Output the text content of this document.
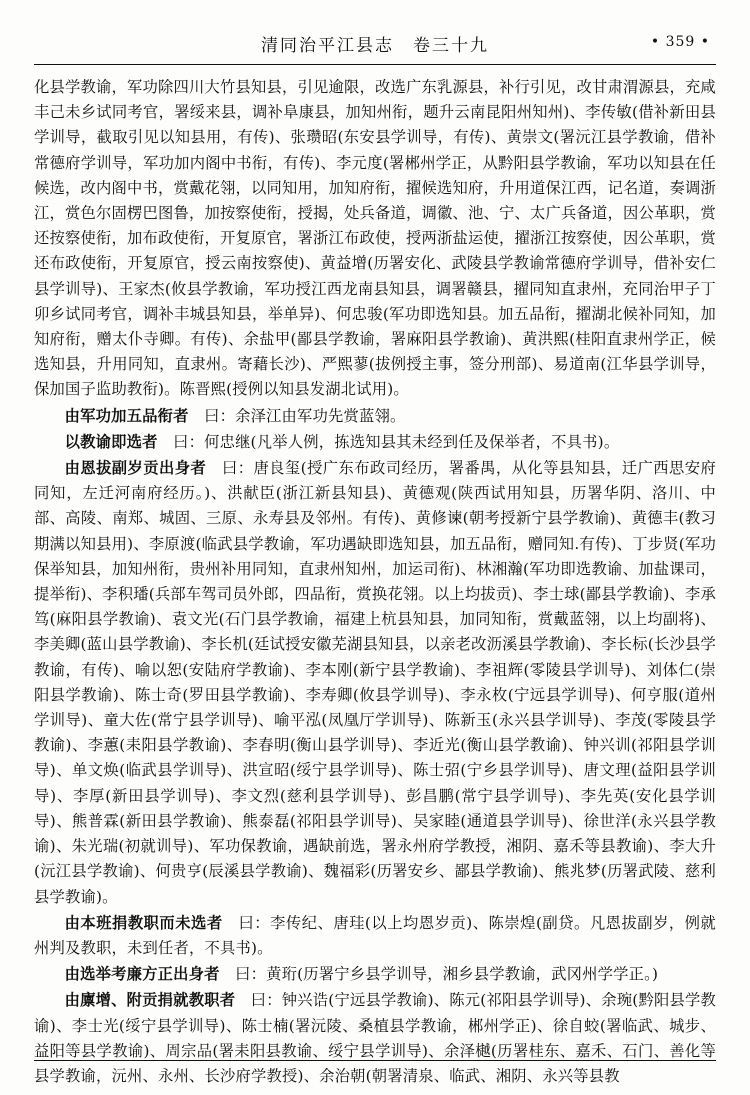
清同治平江县志　卷三十九	• 359 •

化县学教谕，军功除四川大竹县知县，引见逾限，改选广东乳源县，补行引见，改甘肃渭源县，充咸丰己未乡试同考官，署绥来县，调补阜康县，加知州衔，题升云南昆阳州知州)、李传敏(借补新田县学训导，截取引见以知县用，有传)、张瓒昭(东安县学训导，有传)、黄崇文(署沅江县学教谕，借补常德府学训导，军功加内阁中书衔，有传)、李元度(署郴州学正，从黔阳县学教谕，军功以知县在任候选，改内阁中书，赏戴花翎，以同知用，加知府衔，擢候选知府，升用道保江西，记名道，奏调浙江，赏色尔固楞巴图鲁，加按察使衔，授揭，处兵备道，调徽、池、宁、太广兵备道，因公革职，赏还按察使衔，加布政使衔，开复原官，署浙江布政使，授两浙盐运使，擢浙江按察使，因公革职，赏还布政使衔，开复原官，授云南按察使)、黄益增(历署安化、武陵县学教谕常德府学训导，借补安仁县学训导)、王家杰(攸县学教谕，军功授江西龙南县知县，调署赣县，擢同知直隶州，充同治甲子丁卯乡试同考官，调补丰城县知县，举单异)、何忠骏(军功即选知县。加五品衔，擢湖北候补同知，加知府衔，赠太仆寺卿。有传)、余盐甲(鄙县学教谕，署麻阳县学教谕)、黄洪熙(桂阳直隶州学正，候选知县，升用同知，直隶州。寄藉长沙)、严熙蓼(拔例授主事，签分刑部)、易道南(江华县学训导，保加国子监助教衔)。陈晋熙(授例以知县发湖北试用)。

由军功加五品衔者　曰：余泽江由军功先赏蓝翎。

以教谕即选者　曰：何忠继(凡举人例，拣选知县其未经到任及保举者，不具书)。

由恩拔副岁贡出身者　曰：唐良玺(授广东布政司经历，署番禺，从化等县知县，迁广西思安府同知，左迁河南府经历。)、洪献臣(浙江新县知县)、黄德观(陕西试用知县，历署华阴、洛川、中部、高陵、南郑、城固、三原、永寿县及邻州。有传)、黄修谏(朝考授新宁县学教谕)、黄德丰(教习期满以知县用)、李原渡(临武县学教谕，军功遇缺即选知县，加五品衔，赠同知.有传)、丁步贤(军功保举知县，加知州衔，贵州补用同知，直隶州知州，加运司衔)、林湘瀚(军功即选教谕、加盐课司，提举衔)、李积璠(兵部车驾司员外郎，四品衔，赏换花翎。以上均拔贡)、李士球(鄙县学教谕)、李承笃(麻阳县学教谕)、袁文光(石门县学教谕，福建上杭县知县，加同知衔，赏戴蓝翎，以上均副将)、李美卿(蓝山县学教谕)、李长机(廷试授安徽芜湖县知县，以亲老改沥溪县学教谕)、李长标(长沙县学教谕，有传)、喻以恕(安陆府学教谕)、李本刚(新宁县学教谕)、李祖辉(零陵县学训导)、刘体仁(崇阳县学教谕)、陈士奇(罗田县学教谕)、李寿卿(攸县学训导)、李永枚(宁远县学训导)、何亨服(道州学训导)、童大佐(常宁县学训导)、喻平泓(凤凰厅学训导)、陈新玉(永兴县学训导)、李茂(零陵县学教谕)、李蕙(耒阳县学教谕)、李春明(衡山县学训导)、李近光(衡山县学教谕)、钟兴训(祁阳县学训导)、单文焕(临武县学训导)、洪宣昭(绥宁县学训导)、陈士弨(宁乡县学训导)、唐文理(益阳县学训导)、李厚(新田县学训导)、李文烈(慈利县学训导)、彭昌鹏(常宁县学训导)、李先英(安化县学训导)、熊普霖(新田县学教谕)、熊泰磊(祁阳县学训导)、吴家睦(通道县学训导)、徐世洋(永兴县学教谕)、朱光瑞(初就训导)、军功保教谕，遇缺前选，署永州府学教授，湘阴、嘉禾等县教谕)、李大升(沅江县学教谕)、何贵亨(辰溪县学教谕)、魏福彩(历署安乡、鄙县学教谕)、熊兆梦(历署武陵、慈利县学教谕)。

由本班捐教职而未选者　曰：李传纪、唐珪(以上均恩岁贡)、陈崇煌(副贷。凡恩拔副岁，例就州判及教职，未到任者，不具书)。

由选举考廉方正出身者　曰：黄珩(历署宁乡县学训导，湘乡县学教谕，武冈州学学正。)

由廪增、附贡捐就教职者　曰：钟兴诰(宁远县学教谕)、陈元(祁阳县学训导)、余琬(黔阳县学教谕)、李士光(绥宁县学训导)、陈士楠(署沅陵、桑植县学教谕，郴州学正)、徐自蛟(署临武、城步、益阳等县学教谕)、周宗品(署耒阳县教谕、绥宁县学训导)、余泽樾(历署桂东、嘉禾、石门、善化等县学教谕，沅州、永州、长沙府学教授)、余治朝(朝署清泉、临武、湘阴、永兴等县教
